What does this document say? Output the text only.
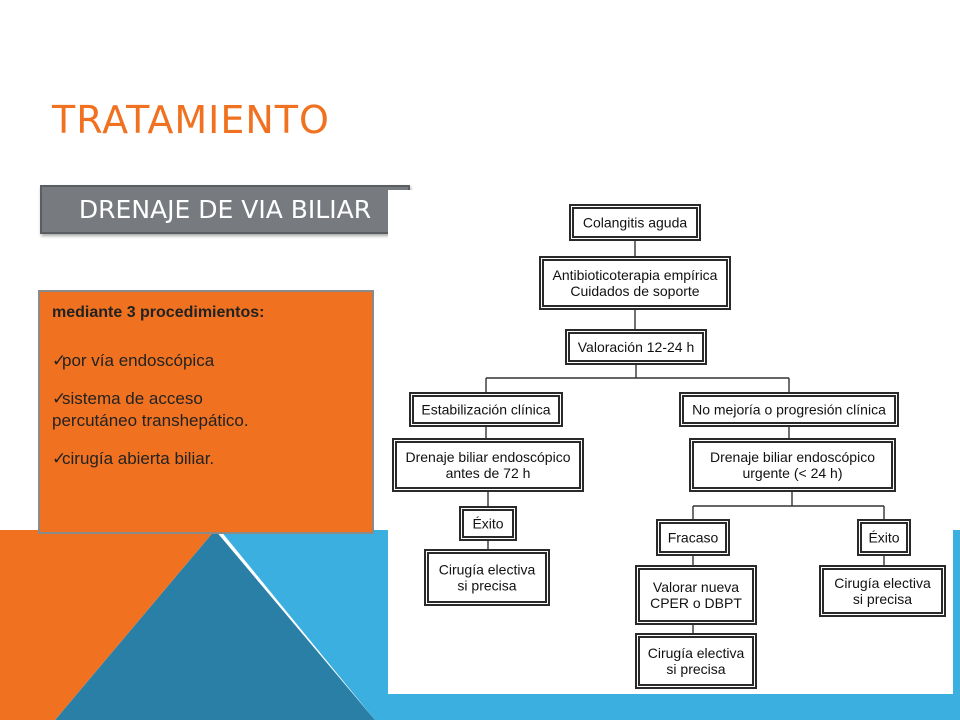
TRATAMIENTO
DRENAJE DE VIA BILIAR

mediante 3 procedimientos:

✓por vía endoscópica

✓sistema de acceso
percutáneo transhepático.

✓cirugía abierta biliar.

Colangitis aguda
Antibioticoterapia empírica
Cuidados de soporte
Valoración 12-24 h
Estabilización clínica	No mejoría o progresión clínica
Drenaje biliar endoscópico
antes de 72 h
Drenaje biliar endoscópico
urgente (< 24 h)
Éxito
Cirugía electiva
si precisa
Fracaso	Éxito
Valorar nueva
CPER o DBPT
Cirugía electiva
si precisa
Cirugía electiva
si precisa
